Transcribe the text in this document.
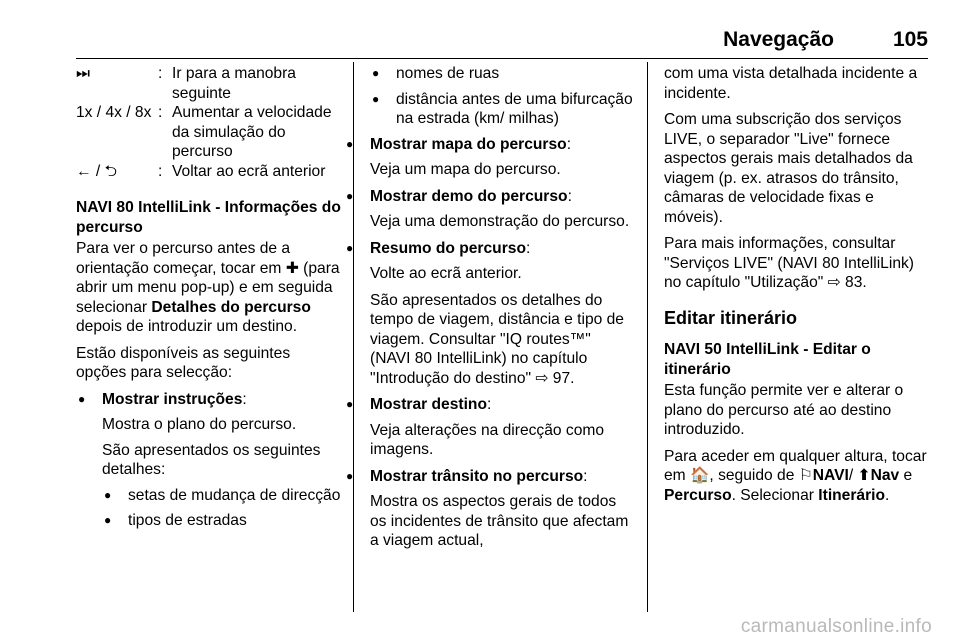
Navegação	105
⏭	: Ir para a manobra seguinte
1x / 4x / 8x : Aumentar a velocidade da simulação do percurso
← / ⮌	: Voltar ao ecrã anterior
NAVI 80 IntelliLink - Informações do percurso

Para ver o percurso antes de a orientação começar, tocar em ✚ (para abrir um menu pop-up) e em seguida selecionar Detalhes do percurso depois de introduzir um destino.

Estão disponíveis as seguintes opções para selecção:

● Mostrar instruções:

Mostra o plano do percurso.

São apresentados os seguintes detalhes:

● setas de mudança de direcção
● tipos de estradas
● nomes de ruas
● distância antes de uma bifurcação na estrada (km/ milhas)
● Mostrar mapa do percurso:

Veja um mapa do percurso.

● Mostrar demo do percurso:

Veja uma demonstração do percurso.

● Resumo do percurso:

Volte ao ecrã anterior.

São apresentados os detalhes do tempo de viagem, distância e tipo de viagem. Consultar "IQ routes™" (NAVI 80 IntelliLink) no capítulo "Introdução do destino" ⇨ 97.

● Mostrar destino:

Veja alterações na direcção como imagens.

● Mostrar trânsito no percurso:

Mostra os aspectos gerais de todos os incidentes de trânsito que afectam a viagem actual,

com uma vista detalhada incidente a incidente.

Com uma subscrição dos serviços LIVE, o separador "Live" fornece aspectos gerais mais detalhados da viagem (p. ex. atrasos do trânsito, câmaras de velocidade fixas e móveis).

Para mais informações, consultar "Serviços LIVE" (NAVI 80 IntelliLink) no capítulo "Utilização" ⇨ 83.

Editar itinerário
NAVI 50 IntelliLink - Editar o itinerário

Esta função permite ver e alterar o plano do percurso até ao destino introduzido.

Para aceder em qualquer altura, tocar em 🏠, seguido de ⚐NAVI/ ⬆Nav e Percurso. Selecionar Itinerário.

carmanualsonline.info
